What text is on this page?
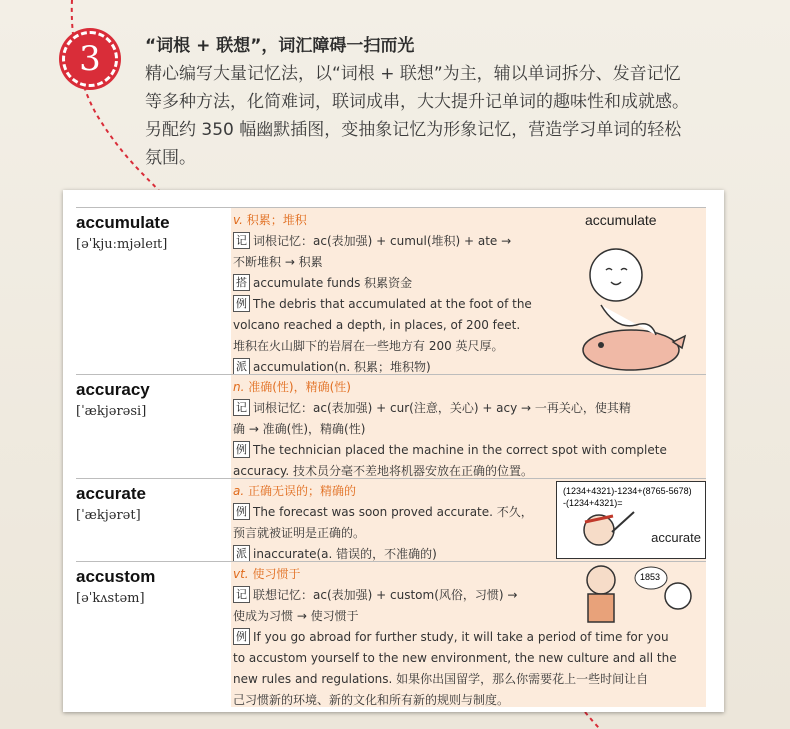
3	“词根 + 联想”，词汇障碍一扫而光
精心编写大量记忆法，以“词根 + 联想”为主，辅以单词拆分、发音记忆
等多种方法，化简难词，联词成串，大大提升记单词的趣味性和成就感。
另配约 350 幅幽默插图，变抽象记忆为形象记忆，营造学习单词的轻松
氛围。
accumulate
[əˈkjuːmjəleɪt]
v. 积累；堆积
记 词根记忆：ac(表加强) + cumul(堆积) + ate →
不断堆积 → 积累
搭 accumulate funds 积累资金
例 The debris that accumulated at the foot of the
volcano reached a depth, in places, of 200 feet.
堆积在火山脚下的岩屑在一些地方有 200 英尺厚。
派 accumulation(n. 积累；堆积物)
accumulate
accuracy
[ˈækjərəsi]
n. 准确(性)，精确(性)
记 词根记忆：ac(表加强) + cur(注意，关心) + acy → 一再关心，使其精
确 → 准确(性)，精确(性)
例 The technician placed the machine in the correct spot with complete
accuracy. 技术员分毫不差地将机器安放在正确的位置。
accurate
[ˈækjərət]
a. 正确无误的；精确的
例 The forecast was soon proved accurate. 不久，
预言就被证明是正确的。
派 inaccurate(a. 错误的，不准确的)
(1234+4321)-1234+(8765-5678)
-(1234+4321)=
accurate
accustom
[əˈkʌstəm]
vt. 使习惯于
记 联想记忆：ac(表加强) + custom(风俗，习惯) →
使成为习惯 → 使习惯于
例 If you go abroad for further study, it will take a period of time for you
to accustom yourself to the new environment, the new culture and all the
new rules and regulations. 如果你出国留学，那么你需要花上一些时间让自
己习惯新的环境、新的文化和所有新的规则与制度。
1853
